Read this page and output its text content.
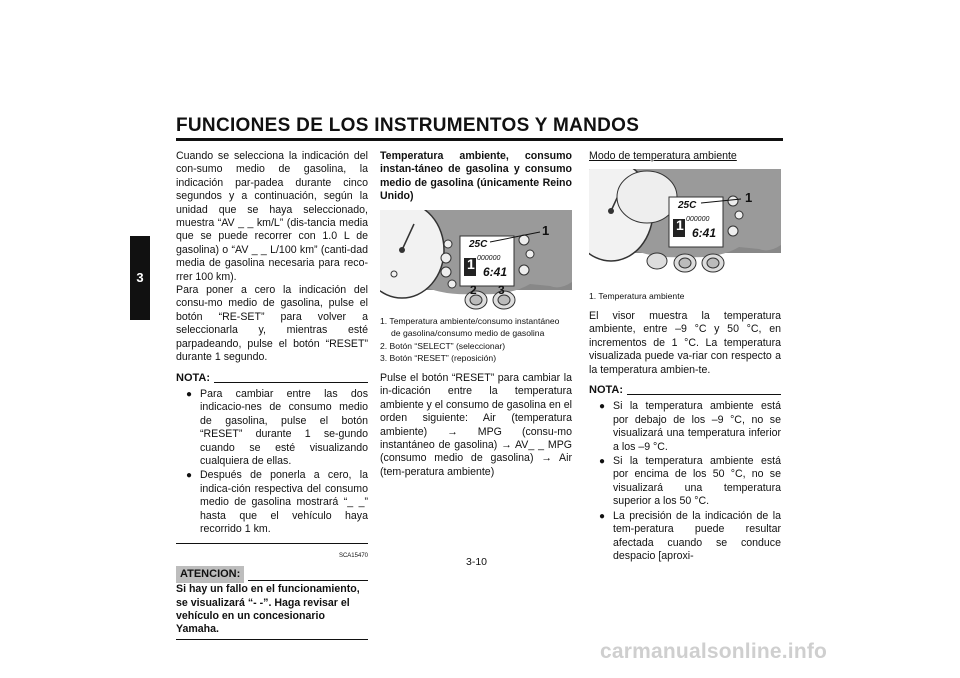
FUNCIONES DE LOS INSTRUMENTOS Y MANDOS
3

Cuando se selecciona la indicación del con-sumo medio de gasolina, la indicación par-padea durante cinco segundos y a continuación, según la unidad que se haya seleccionado, muestra “AV _ _ km/L” (dis-tancia media que se puede recorrer con 1.0 L de gasolina) o “AV _ _ L/100 km” (canti-dad media de gasolina necesaria para reco-rrer 100 km).

Para poner a cero la indicación del consu-mo medio de gasolina, pulse el botón “RE-SET” para volver a seleccionarla y, mientras esté parpadeando, pulse el botón “RESET” durante 1 segundo.

NOTA:
● Para cambiar entre las dos indicacio-nes de consumo medio de gasolina, pulse el botón “RESET” durante 1 se-gundo cuando se esté visualizando cualquiera de ellas.
● Después de ponerla a cero, la indica-ción respectiva del consumo medio de gasolina mostrará “_ _” hasta que el vehículo haya recorrido 1 km.
SCA15470
ATENCION:

Si hay un fallo en el funcionamiento, se visualizará “- -”. Haga revisar el vehículo en un concesionario Yamaha.

Temperatura ambiente, consumo instan-táneo de gasolina y consumo medio de gasolina (únicamente Reino Unido)

25C
000000
1 6:41
1
2 3
1. Temperatura ambiente/consumo instantáneo
de gasolina/consumo medio de gasolina
2. Botón “SELECT” (seleccionar)
3. Botón “RESET” (reposición)

Pulse el botón “RESET” para cambiar la in-dicación entre la temperatura ambiente y el consumo de gasolina en el orden siguiente: Air (temperatura ambiente) → MPG (consu-mo instantáneo de gasolina) → AV_ _ MPG (consumo medio de gasolina) → Air (tem-peratura ambiente)

Modo de temperatura ambiente

25C
000000
1 6:41
1
1. Temperatura ambiente

El visor muestra la temperatura ambiente, entre –9 °C y 50 °C, en incrementos de 1 °C. La temperatura visualizada puede va-riar con respecto a la temperatura ambien-te.

NOTA:
● Si la temperatura ambiente está por debajo de los –9 °C, no se visualizará una temperatura inferior a los –9 °C.
● Si la temperatura ambiente está por encima de los 50 °C, no se visualizará una temperatura superior a los 50 °C.
● La precisión de la indicación de la tem-peratura puede resultar afectada cuando se conduce despacio [aproxi-
3-10
carmanualsonline.info
